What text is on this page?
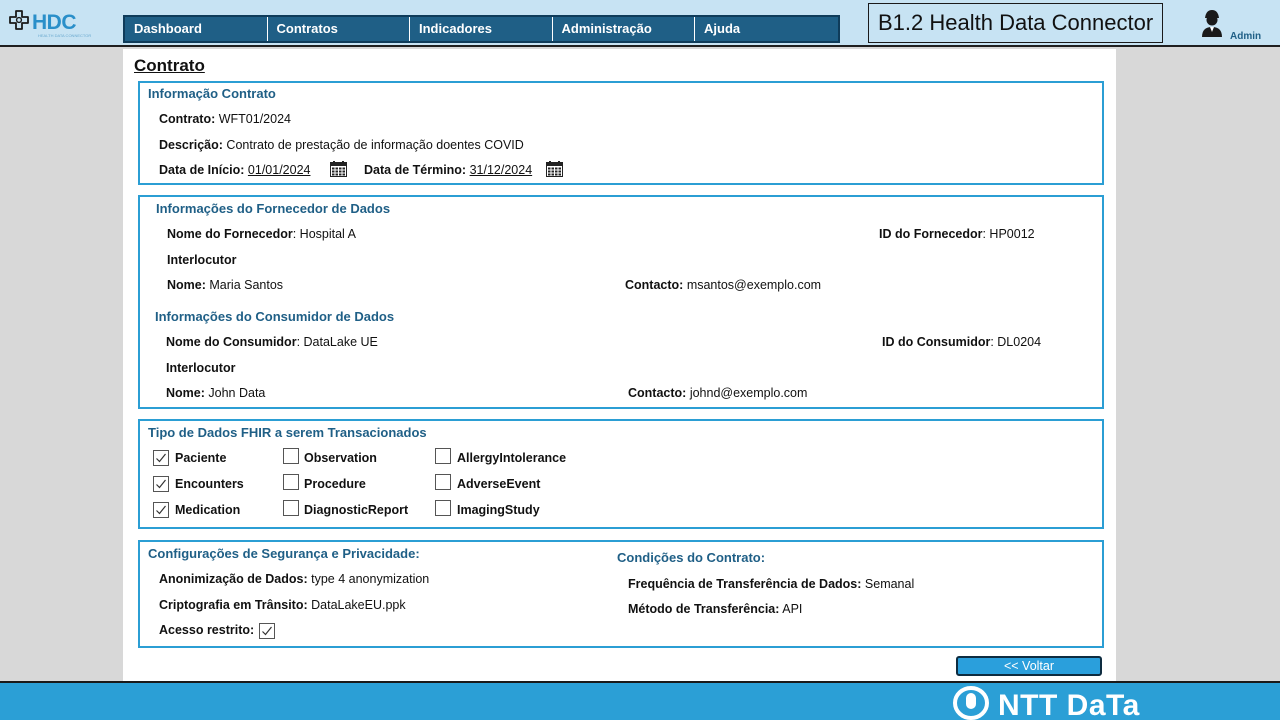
HDC
HEALTH DATA CONNECTOR	Dashboard	Contratos	Indicadores	Administração	Ajuda	B1.2 Health Data Connector
Admin
Contrato
Informação Contrato
Contrato: WFT01/2024
Descrição: Contrato de prestação de informação doentes COVID
Data de Início: 01/01/2024	Data de Término: 31/12/2024
Informações do Fornecedor de Dados
Nome do Fornecedor: Hospital A	ID do Fornecedor: HP0012
Interlocutor
Nome: Maria Santos	Contacto: msantos@exemplo.com
Informações do Consumidor de Dados
Nome do Consumidor: DataLake UE	ID do Consumidor: DL0204
Interlocutor
Nome: John Data	Contacto: johnd@exemplo.com
Tipo de Dados FHIR a serem Transacionados
Paciente
Encounters
Medication
Observation
Procedure
DiagnosticReport
AllergyIntolerance
AdverseEvent
ImagingStudy
Configurações de Segurança e Privacidade:
Anonimização de Dados: type 4 anonymization
Criptografia em Trânsito: DataLakeEU.ppk
Acesso restrito:
Condições do Contrato:
Frequência de Transferência de Dados: Semanal
Método de Transferência: API
<< Voltar
NTT DaTa
